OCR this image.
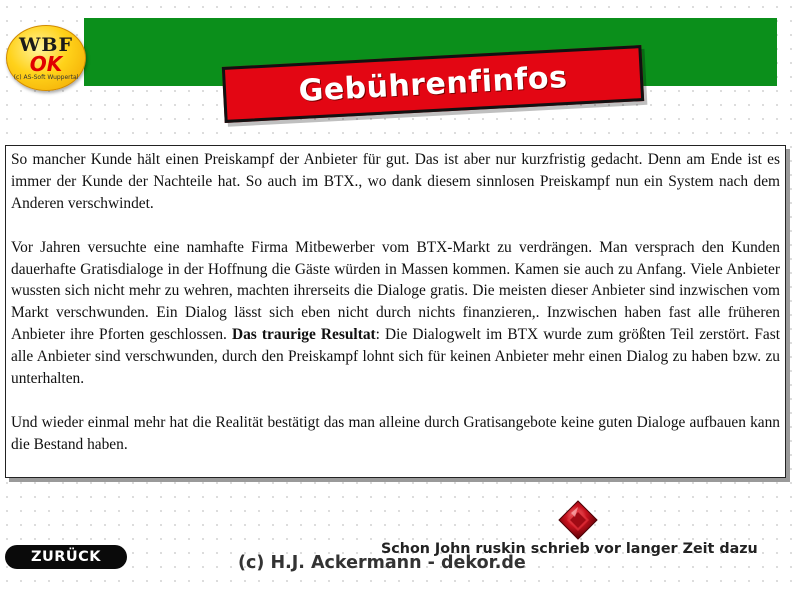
WBF
OK
(c) AS-Soft Wuppertal	Gebührenfinfos

So mancher Kunde hält einen Preiskampf der Anbieter für gut. Das ist aber nur kurzfristig gedacht. Denn am Ende ist es immer der Kunde der Nachteile hat. So auch im BTX., wo dank diesem sinnlosen Preiskampf nun ein System nach dem Anderen verschwindet.

Vor Jahren versuchte eine namhafte Firma Mitbewerber vom BTX-Markt zu verdrängen. Man versprach den Kunden dauerhafte Gratisdialoge in der Hoffnung die Gäste würden in Massen kommen. Kamen sie auch zu Anfang. Viele Anbieter wussten sich nicht mehr zu wehren, machten ihrerseits die Dialoge gratis. Die meisten dieser Anbieter sind inzwischen vom Markt verschwunden. Ein Dialog lässt sich eben nicht durch nichts finanzieren,. Inzwischen haben fast alle früheren Anbieter ihre Pforten geschlossen. Das traurige Resultat: Die Dialogwelt im BTX wurde zum größten Teil zerstört. Fast alle Anbieter sind verschwunden, durch den Preiskampf lohnt sich für keinen Anbieter mehr einen Dialog zu haben bzw. zu unterhalten.

Und wieder einmal mehr hat die Realität bestätigt das man alleine durch Gratisangebote keine guten Dialoge aufbauen kann die Bestand haben.

ZURÜCK	Schon John ruskin schrieb vor langer Zeit dazu
(c) H.J. Ackermann - dekor.de
